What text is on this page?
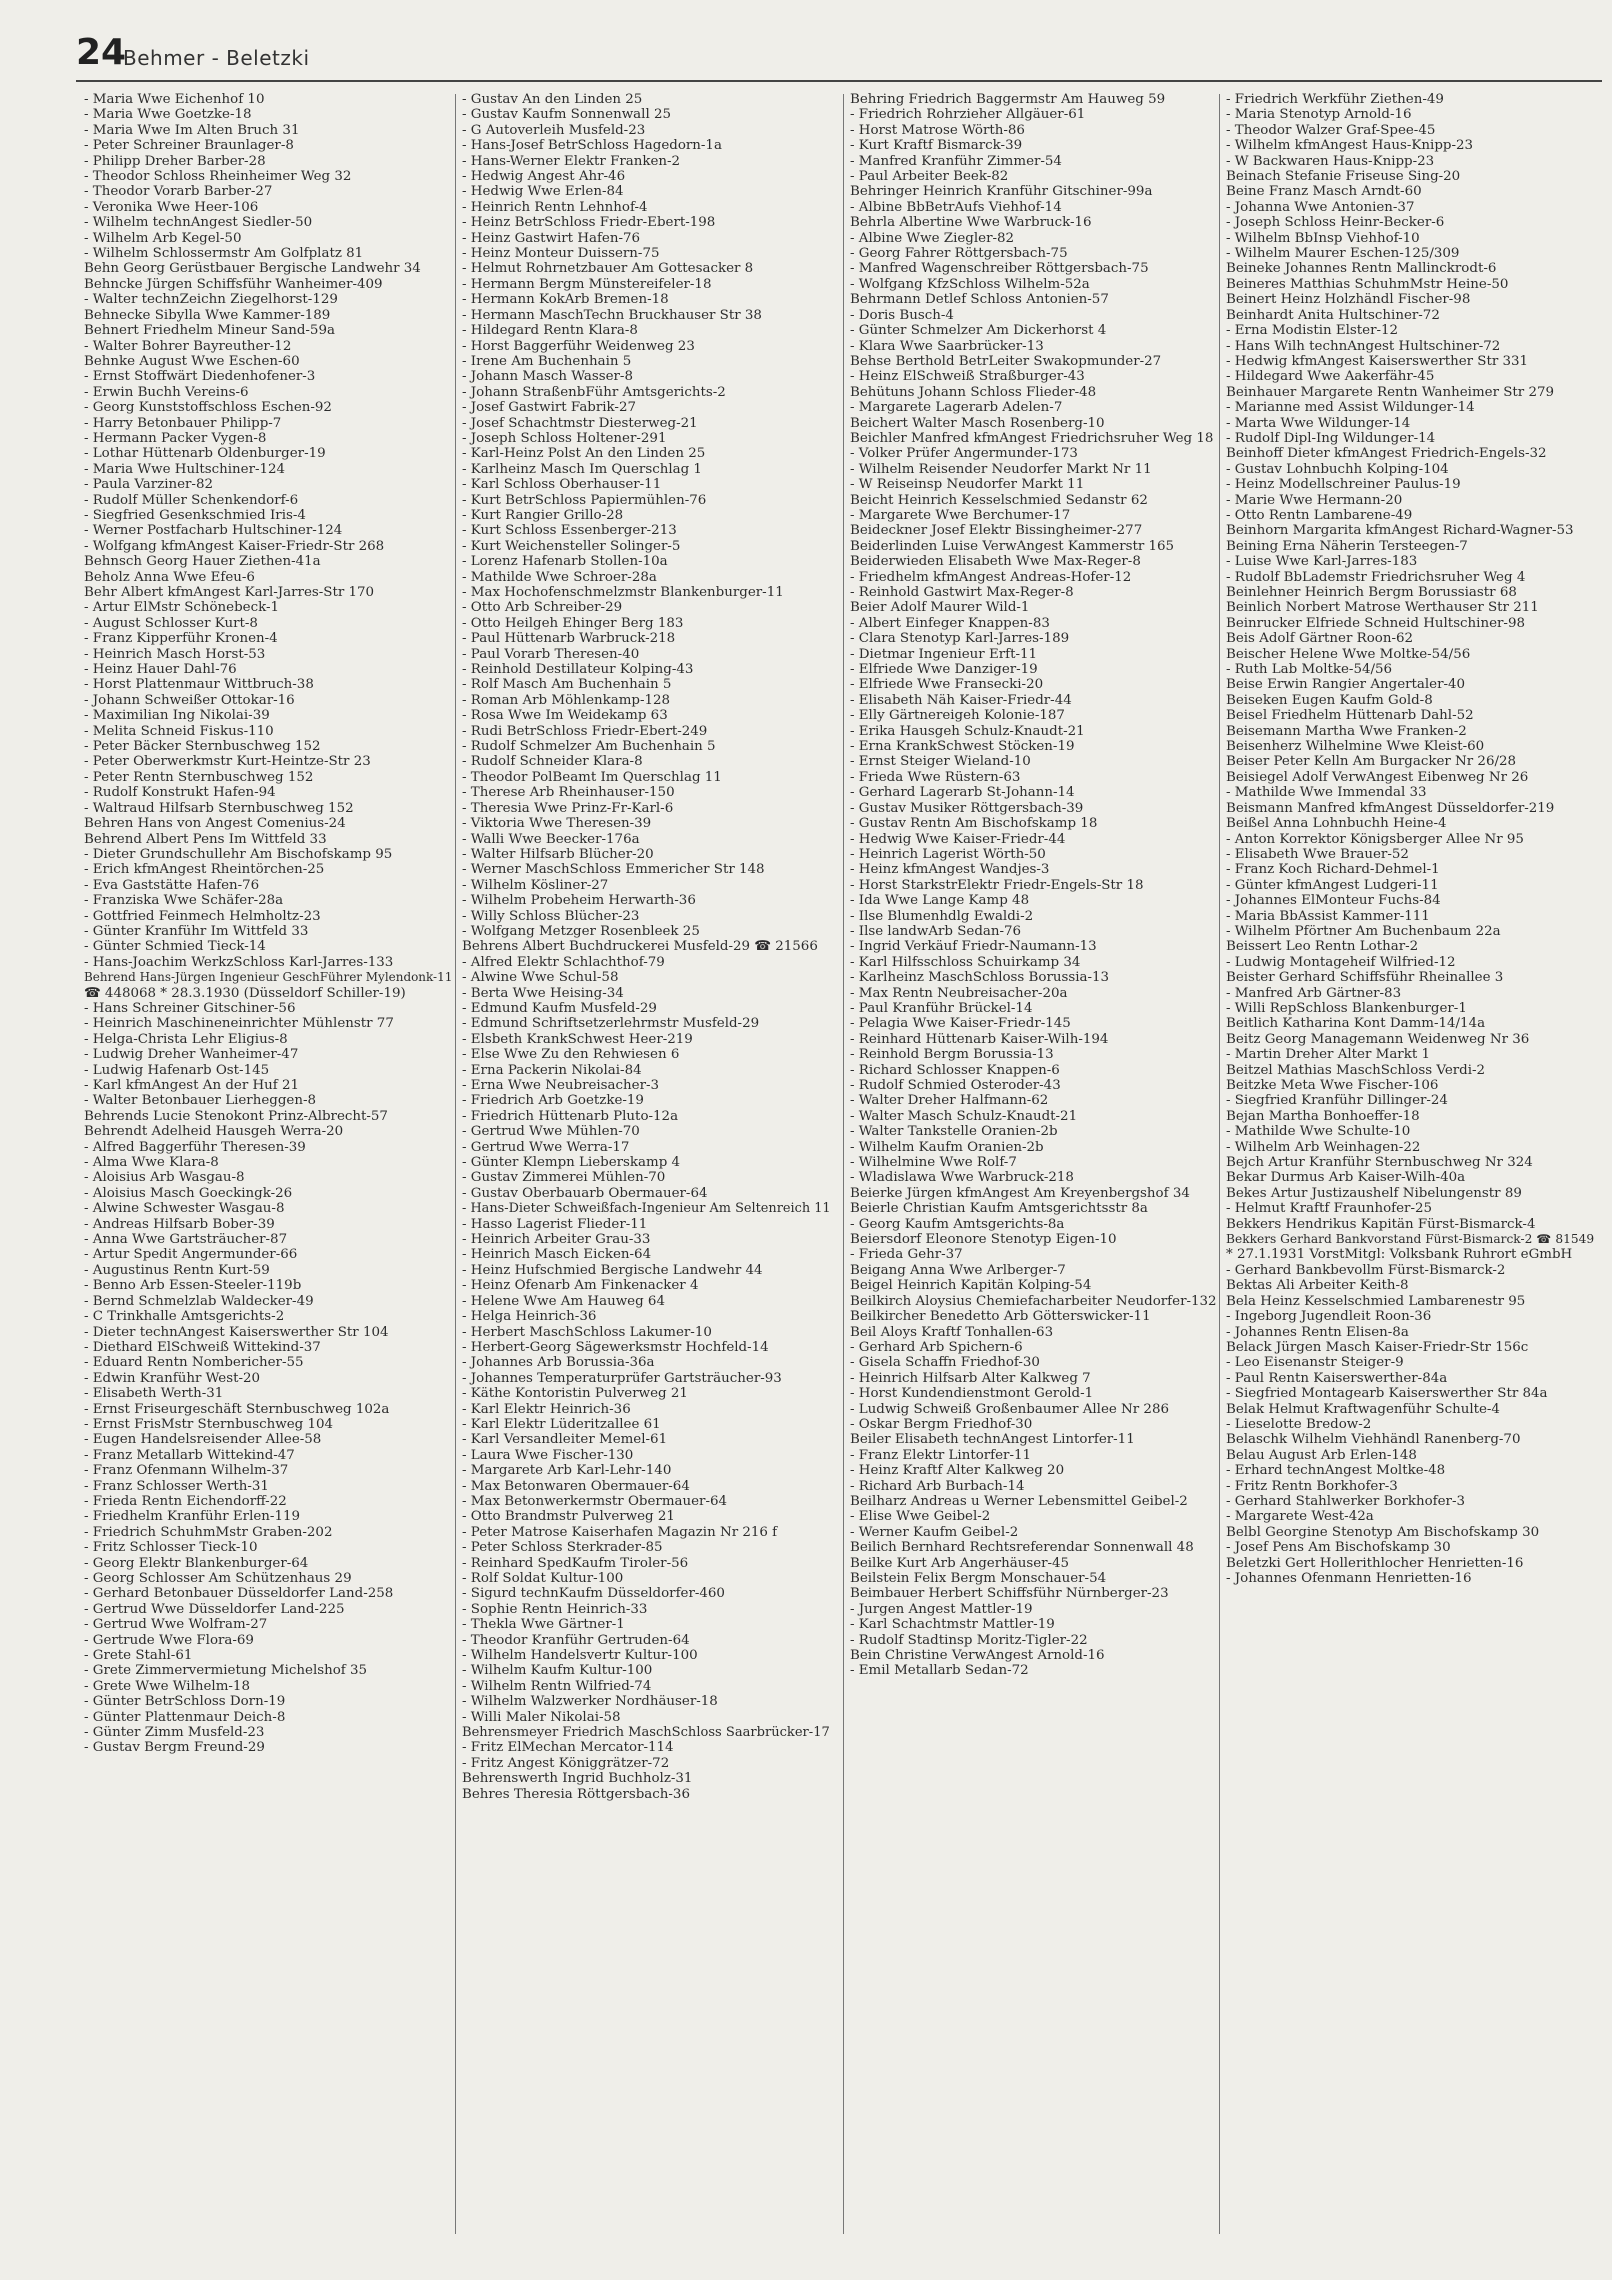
24
Behmer - Beletzki
- Maria Wwe Eichenhof 10
- Maria Wwe Goetzke-18
- Maria Wwe Im Alten Bruch 31
- Peter Schreiner Braunlager-8
- Philipp Dreher Barber-28
- Theodor Schloss Rheinheimer Weg 32
- Theodor Vorarb Barber-27
- Veronika Wwe Heer-106
- Wilhelm technAngest Siedler-50
- Wilhelm Arb Kegel-50
- Wilhelm Schlossermstr Am Golfplatz 81
Behn Georg Gerüstbauer Bergische Landwehr 34
Behncke Jürgen Schiffsführ Wanheimer-409
- Walter technZeichn Ziegelhorst-129
Behnecke Sibylla Wwe Kammer-189
Behnert Friedhelm Mineur Sand-59a
- Walter Bohrer Bayreuther-12
Behnke August Wwe Eschen-60
- Ernst Stoffwärt Diedenhofener-3
- Erwin Buchh Vereins-6
- Georg Kunststoffschloss Eschen-92
- Harry Betonbauer Philipp-7
- Hermann Packer Vygen-8
- Lothar Hüttenarb Oldenburger-19
- Maria Wwe Hultschiner-124
- Paula Varziner-82
- Rudolf Müller Schenkendorf-6
- Siegfried Gesenkschmied Iris-4
- Werner Postfacharb Hultschiner-124
- Wolfgang kfmAngest Kaiser-Friedr-Str 268
Behnsch Georg Hauer Ziethen-41a
Beholz Anna Wwe Efeu-6
Behr Albert kfmAngest Karl-Jarres-Str 170
- Artur ElMstr Schönebeck-1
- August Schlosser Kurt-8
- Franz Kipperführ Kronen-4
- Heinrich Masch Horst-53
- Heinz Hauer Dahl-76
- Horst Plattenmaur Wittbruch-38
- Johann Schweißer Ottokar-16
- Maximilian Ing Nikolai-39
- Melita Schneid Fiskus-110
- Peter Bäcker Sternbuschweg 152
- Peter Oberwerkmstr Kurt-Heintze-Str 23
- Peter Rentn Sternbuschweg 152
- Rudolf Konstrukt Hafen-94
- Waltraud Hilfsarb Sternbuschweg 152
Behren Hans von Angest Comenius-24
Behrend Albert Pens Im Wittfeld 33
- Dieter Grundschullehr Am Bischofskamp 95
- Erich kfmAngest Rheintörchen-25
- Eva Gaststätte Hafen-76
- Franziska Wwe Schäfer-28a
- Gottfried Feinmech Helmholtz-23
- Günter Kranführ Im Wittfeld 33
- Günter Schmied Tieck-14
- Hans-Joachim WerkzSchloss Karl-Jarres-133
Behrend Hans-Jürgen Ingenieur GeschFührer Mylendonk-11
☎ 448068 * 28.3.1930 (Düsseldorf Schiller-19)
- Hans Schreiner Gitschiner-56
- Heinrich Maschineneinrichter Mühlenstr 77
- Helga-Christa Lehr Eligius-8
- Ludwig Dreher Wanheimer-47
- Ludwig Hafenarb Ost-145
- Karl kfmAngest An der Huf 21
- Walter Betonbauer Lierheggen-8
Behrends Lucie Stenokont Prinz-Albrecht-57
Behrendt Adelheid Hausgeh Werra-20
- Alfred Baggerführ Theresen-39
- Alma Wwe Klara-8
- Aloisius Arb Wasgau-8
- Aloisius Masch Goeckingk-26
- Alwine Schwester Wasgau-8
- Andreas Hilfsarb Bober-39
- Anna Wwe Gartsträucher-87
- Artur Spedit Angermunder-66
- Augustinus Rentn Kurt-59
- Benno Arb Essen-Steeler-119b
- Bernd Schmelzlab Waldecker-49
- C Trinkhalle Amtsgerichts-2
- Dieter technAngest Kaiserswerther Str 104
- Diethard ElSchweiß Wittekind-37
- Eduard Rentn Nombericher-55
- Edwin Kranführ West-20
- Elisabeth Werth-31
- Ernst Friseurgeschäft Sternbuschweg 102a
- Ernst FrisMstr Sternbuschweg 104
- Eugen Handelsreisender Allee-58
- Franz Metallarb Wittekind-47
- Franz Ofenmann Wilhelm-37
- Franz Schlosser Werth-31
- Frieda Rentn Eichendorff-22
- Friedhelm Kranführ Erlen-119
- Friedrich SchuhmMstr Graben-202
- Fritz Schlosser Tieck-10
- Georg Elektr Blankenburger-64
- Georg Schlosser Am Schützenhaus 29
- Gerhard Betonbauer Düsseldorfer Land-258
- Gertrud Wwe Düsseldorfer Land-225
- Gertrud Wwe Wolfram-27
- Gertrude Wwe Flora-69
- Grete Stahl-61
- Grete Zimmervermietung Michelshof 35
- Grete Wwe Wilhelm-18
- Günter BetrSchloss Dorn-19
- Günter Plattenmaur Deich-8
- Günter Zimm Musfeld-23
- Gustav Bergm Freund-29
- Gustav An den Linden 25
- Gustav Kaufm Sonnenwall 25
- G Autoverleih Musfeld-23
- Hans-Josef BetrSchloss Hagedorn-1a
- Hans-Werner Elektr Franken-2
- Hedwig Angest Ahr-46
- Hedwig Wwe Erlen-84
- Heinrich Rentn Lehnhof-4
- Heinz BetrSchloss Friedr-Ebert-198
- Heinz Gastwirt Hafen-76
- Heinz Monteur Duissern-75
- Helmut Rohrnetzbauer Am Gottesacker 8
- Hermann Bergm Münstereifeler-18
- Hermann KokArb Bremen-18
- Hermann MaschTechn Bruckhauser Str 38
- Hildegard Rentn Klara-8
- Horst Baggerführ Weidenweg 23
- Irene Am Buchenhain 5
- Johann Masch Wasser-8
- Johann StraßenbFühr Amtsgerichts-2
- Josef Gastwirt Fabrik-27
- Josef Schachtmstr Diesterweg-21
- Joseph Schloss Holtener-291
- Karl-Heinz Polst An den Linden 25
- Karlheinz Masch Im Querschlag 1
- Karl Schloss Oberhauser-11
- Kurt BetrSchloss Papiermühlen-76
- Kurt Rangier Grillo-28
- Kurt Schloss Essenberger-213
- Kurt Weichensteller Solinger-5
- Lorenz Hafenarb Stollen-10a
- Mathilde Wwe Schroer-28a
- Max Hochofenschmelzmstr Blankenburger-11
- Otto Arb Schreiber-29
- Otto Heilgeh Ehinger Berg 183
- Paul Hüttenarb Warbruck-218
- Paul Vorarb Theresen-40
- Reinhold Destillateur Kolping-43
- Rolf Masch Am Buchenhain 5
- Roman Arb Möhlenkamp-128
- Rosa Wwe Im Weidekamp 63
- Rudi BetrSchloss Friedr-Ebert-249
- Rudolf Schmelzer Am Buchenhain 5
- Rudolf Schneider Klara-8
- Theodor PolBeamt Im Querschlag 11
- Therese Arb Rheinhauser-150
- Theresia Wwe Prinz-Fr-Karl-6
- Viktoria Wwe Theresen-39
- Walli Wwe Beecker-176a
- Walter Hilfsarb Blücher-20
- Werner MaschSchloss Emmericher Str 148
- Wilhelm Kösliner-27
- Wilhelm Probeheim Herwarth-36
- Willy Schloss Blücher-23
- Wolfgang Metzger Rosenbleek 25
Behrens Albert Buchdruckerei Musfeld-29 ☎ 21566
- Alfred Elektr Schlachthof-79
- Alwine Wwe Schul-58
- Berta Wwe Heising-34
- Edmund Kaufm Musfeld-29
- Edmund Schriftsetzerlehrmstr Musfeld-29
- Elsbeth KrankSchwest Heer-219
- Else Wwe Zu den Rehwiesen 6
- Erna Packerin Nikolai-84
- Erna Wwe Neubreisacher-3
- Friedrich Arb Goetzke-19
- Friedrich Hüttenarb Pluto-12a
- Gertrud Wwe Mühlen-70
- Gertrud Wwe Werra-17
- Günter Klempn Lieberskamp 4
- Gustav Zimmerei Mühlen-70
- Gustav Oberbauarb Obermauer-64
- Hans-Dieter Schweißfach-Ingenieur Am Seltenreich 11
- Hasso Lagerist Flieder-11
- Heinrich Arbeiter Grau-33
- Heinrich Masch Eicken-64
- Heinz Hufschmied Bergische Landwehr 44
- Heinz Ofenarb Am Finkenacker 4
- Helene Wwe Am Hauweg 64
- Helga Heinrich-36
- Herbert MaschSchloss Lakumer-10
- Herbert-Georg Sägewerksmstr Hochfeld-14
- Johannes Arb Borussia-36a
- Johannes Temperaturprüfer Gartsträucher-93
- Käthe Kontoristin Pulverweg 21
- Karl Elektr Heinrich-36
- Karl Elektr Lüderitzallee 61
- Karl Versandleiter Memel-61
- Laura Wwe Fischer-130
- Margarete Arb Karl-Lehr-140
- Max Betonwaren Obermauer-64
- Max Betonwerkermstr Obermauer-64
- Otto Brandmstr Pulverweg 21
- Peter Matrose Kaiserhafen Magazin Nr 216 f
- Peter Schloss Sterkrader-85
- Reinhard SpedKaufm Tiroler-56
- Rolf Soldat Kultur-100
- Sigurd technKaufm Düsseldorfer-460
- Sophie Rentn Heinrich-33
- Thekla Wwe Gärtner-1
- Theodor Kranführ Gertruden-64
- Wilhelm Handelsvertr Kultur-100
- Wilhelm Kaufm Kultur-100
- Wilhelm Rentn Wilfried-74
- Wilhelm Walzwerker Nordhäuser-18
- Willi Maler Nikolai-58
Behrensmeyer Friedrich MaschSchloss Saarbrücker-17
- Fritz ElMechan Mercator-114
- Fritz Angest Königgrätzer-72
Behrenswerth Ingrid Buchholz-31
Behres Theresia Röttgersbach-36
Behring Friedrich Baggermstr Am Hauweg 59
- Friedrich Rohrzieher Allgäuer-61
- Horst Matrose Wörth-86
- Kurt Kraftf Bismarck-39
- Manfred Kranführ Zimmer-54
- Paul Arbeiter Beek-82
Behringer Heinrich Kranführ Gitschiner-99a
- Albine BbBetrAufs Viehhof-14
Behrla Albertine Wwe Warbruck-16
- Albine Wwe Ziegler-82
- Georg Fahrer Röttgersbach-75
- Manfred Wagenschreiber Röttgersbach-75
- Wolfgang KfzSchloss Wilhelm-52a
Behrmann Detlef Schloss Antonien-57
- Doris Busch-4
- Günter Schmelzer Am Dickerhorst 4
- Klara Wwe Saarbrücker-13
Behse Berthold BetrLeiter Swakopmunder-27
- Heinz ElSchweiß Straßburger-43
Behütuns Johann Schloss Flieder-48
- Margarete Lagerarb Adelen-7
Beichert Walter Masch Rosenberg-10
Beichler Manfred kfmAngest Friedrichsruher Weg 18
- Volker Prüfer Angermunder-173
- Wilhelm Reisender Neudorfer Markt Nr 11
- W Reiseinsp Neudorfer Markt 11
Beicht Heinrich Kesselschmied Sedanstr 62
- Margarete Wwe Berchumer-17
Beideckner Josef Elektr Bissingheimer-277
Beiderlinden Luise VerwAngest Kammerstr 165
Beiderwieden Elisabeth Wwe Max-Reger-8
- Friedhelm kfmAngest Andreas-Hofer-12
- Reinhold Gastwirt Max-Reger-8
Beier Adolf Maurer Wild-1
- Albert Einfeger Knappen-83
- Clara Stenotyp Karl-Jarres-189
- Dietmar Ingenieur Erft-11
- Elfriede Wwe Danziger-19
- Elfriede Wwe Fransecki-20
- Elisabeth Näh Kaiser-Friedr-44
- Elly Gärtnereigeh Kolonie-187
- Erika Hausgeh Schulz-Knaudt-21
- Erna KrankSchwest Stöcken-19
- Ernst Steiger Wieland-10
- Frieda Wwe Rüstern-63
- Gerhard Lagerarb St-Johann-14
- Gustav Musiker Röttgersbach-39
- Gustav Rentn Am Bischofskamp 18
- Hedwig Wwe Kaiser-Friedr-44
- Heinrich Lagerist Wörth-50
- Heinz kfmAngest Wandjes-3
- Horst StarkstrElektr Friedr-Engels-Str 18
- Ida Wwe Lange Kamp 48
- Ilse Blumenhdlg Ewaldi-2
- Ilse landwArb Sedan-76
- Ingrid Verkäuf Friedr-Naumann-13
- Karl Hilfsschloss Schuirkamp 34
- Karlheinz MaschSchloss Borussia-13
- Max Rentn Neubreisacher-20a
- Paul Kranführ Brückel-14
- Pelagia Wwe Kaiser-Friedr-145
- Reinhard Hüttenarb Kaiser-Wilh-194
- Reinhold Bergm Borussia-13
- Richard Schlosser Knappen-6
- Rudolf Schmied Osteroder-43
- Walter Dreher Halfmann-62
- Walter Masch Schulz-Knaudt-21
- Walter Tankstelle Oranien-2b
- Wilhelm Kaufm Oranien-2b
- Wilhelmine Wwe Rolf-7
- Wladislawa Wwe Warbruck-218
Beierke Jürgen kfmAngest Am Kreyenbergshof 34
Beierle Christian Kaufm Amtsgerichtsstr 8a
- Georg Kaufm Amtsgerichts-8a
Beiersdorf Eleonore Stenotyp Eigen-10
- Frieda Gehr-37
Beigang Anna Wwe Arlberger-7
Beigel Heinrich Kapitän Kolping-54
Beilkirch Aloysius Chemiefacharbeiter Neudorfer-132
Beilkircher Benedetto Arb Götterswicker-11
Beil Aloys Kraftf Tonhallen-63
- Gerhard Arb Spichern-6
- Gisela Schaffn Friedhof-30
- Heinrich Hilfsarb Alter Kalkweg 7
- Horst Kundendienstmont Gerold-1
- Ludwig Schweiß Großenbaumer Allee Nr 286
- Oskar Bergm Friedhof-30
Beiler Elisabeth technAngest Lintorfer-11
- Franz Elektr Lintorfer-11
- Heinz Kraftf Alter Kalkweg 20
- Richard Arb Burbach-14
Beilharz Andreas u Werner Lebensmittel Geibel-2
- Elise Wwe Geibel-2
- Werner Kaufm Geibel-2
Beilich Bernhard Rechtsreferendar Sonnenwall 48
Beilke Kurt Arb Angerhäuser-45
Beilstein Felix Bergm Monschauer-54
Beimbauer Herbert Schiffsführ Nürnberger-23
- Jurgen Angest Mattler-19
- Karl Schachtmstr Mattler-19
- Rudolf Stadtinsp Moritz-Tigler-22
Bein Christine VerwAngest Arnold-16
- Emil Metallarb Sedan-72
- Friedrich Werkführ Ziethen-49
- Maria Stenotyp Arnold-16
- Theodor Walzer Graf-Spee-45
- Wilhelm kfmAngest Haus-Knipp-23
- W Backwaren Haus-Knipp-23
Beinach Stefanie Friseuse Sing-20
Beine Franz Masch Arndt-60
- Johanna Wwe Antonien-37
- Joseph Schloss Heinr-Becker-6
- Wilhelm BbInsp Viehhof-10
- Wilhelm Maurer Eschen-125/309
Beineke Johannes Rentn Mallinckrodt-6
Beineres Matthias SchuhmMstr Heine-50
Beinert Heinz Holzhändl Fischer-98
Beinhardt Anita Hultschiner-72
- Erna Modistin Elster-12
- Hans Wilh technAngest Hultschiner-72
- Hedwig kfmAngest Kaiserswerther Str 331
- Hildegard Wwe Aakerfähr-45
Beinhauer Margarete Rentn Wanheimer Str 279
- Marianne med Assist Wildunger-14
- Marta Wwe Wildunger-14
- Rudolf Dipl-Ing Wildunger-14
Beinhoff Dieter kfmAngest Friedrich-Engels-32
- Gustav Lohnbuchh Kolping-104
- Heinz Modellschreiner Paulus-19
- Marie Wwe Hermann-20
- Otto Rentn Lambarene-49
Beinhorn Margarita kfmAngest Richard-Wagner-53
Beining Erna Näherin Tersteegen-7
- Luise Wwe Karl-Jarres-183
- Rudolf BbLademstr Friedrichsruher Weg 4
Beinlehner Heinrich Bergm Borussiastr 68
Beinlich Norbert Matrose Werthauser Str 211
Beinrucker Elfriede Schneid Hultschiner-98
Beis Adolf Gärtner Roon-62
Beischer Helene Wwe Moltke-54/56
- Ruth Lab Moltke-54/56
Beise Erwin Rangier Angertaler-40
Beiseken Eugen Kaufm Gold-8
Beisel Friedhelm Hüttenarb Dahl-52
Beisemann Martha Wwe Franken-2
Beisenherz Wilhelmine Wwe Kleist-60
Beiser Peter Kelln Am Burgacker Nr 26/28
Beisiegel Adolf VerwAngest Eibenweg Nr 26
- Mathilde Wwe Immendal 33
Beismann Manfred kfmAngest Düsseldorfer-219
Beißel Anna Lohnbuchh Heine-4
- Anton Korrektor Königsberger Allee Nr 95
- Elisabeth Wwe Brauer-52
- Franz Koch Richard-Dehmel-1
- Günter kfmAngest Ludgeri-11
- Johannes ElMonteur Fuchs-84
- Maria BbAssist Kammer-111
- Wilhelm Pförtner Am Buchenbaum 22a
Beissert Leo Rentn Lothar-2
- Ludwig Montageheif Wilfried-12
Beister Gerhard Schiffsführ Rheinallee 3
- Manfred Arb Gärtner-83
- Willi RepSchloss Blankenburger-1
Beitlich Katharina Kont Damm-14/14a
Beitz Georg Managemann Weidenweg Nr 36
- Martin Dreher Alter Markt 1
Beitzel Mathias MaschSchloss Verdi-2
Beitzke Meta Wwe Fischer-106
- Siegfried Kranführ Dillinger-24
Bejan Martha Bonhoeffer-18
- Mathilde Wwe Schulte-10
- Wilhelm Arb Weinhagen-22
Bejch Artur Kranführ Sternbuschweg Nr 324
Bekar Durmus Arb Kaiser-Wilh-40a
Bekes Artur Justizaushelf Nibelungenstr 89
- Helmut Kraftf Fraunhofer-25
Bekkers Hendrikus Kapitän Fürst-Bismarck-4
Bekkers Gerhard Bankvorstand Fürst-Bismarck-2 ☎ 81549
* 27.1.1931 VorstMitgl: Volksbank Ruhrort eGmbH
- Gerhard Bankbevollm Fürst-Bismarck-2
Bektas Ali Arbeiter Keith-8
Bela Heinz Kesselschmied Lambarenestr 95
- Ingeborg Jugendleit Roon-36
- Johannes Rentn Elisen-8a
Belack Jürgen Masch Kaiser-Friedr-Str 156c
- Leo Eisenanstr Steiger-9
- Paul Rentn Kaiserswerther-84a
- Siegfried Montagearb Kaiserswerther Str 84a
Belak Helmut Kraftwagenführ Schulte-4
- Lieselotte Bredow-2
Belaschk Wilhelm Viehhändl Ranenberg-70
Belau August Arb Erlen-148
- Erhard technAngest Moltke-48
- Fritz Rentn Borkhofer-3
- Gerhard Stahlwerker Borkhofer-3
- Margarete West-42a
Belbl Georgine Stenotyp Am Bischofskamp 30
- Josef Pens Am Bischofskamp 30
Beletzki Gert Hollerithlocher Henrietten-16
- Johannes Ofenmann Henrietten-16
